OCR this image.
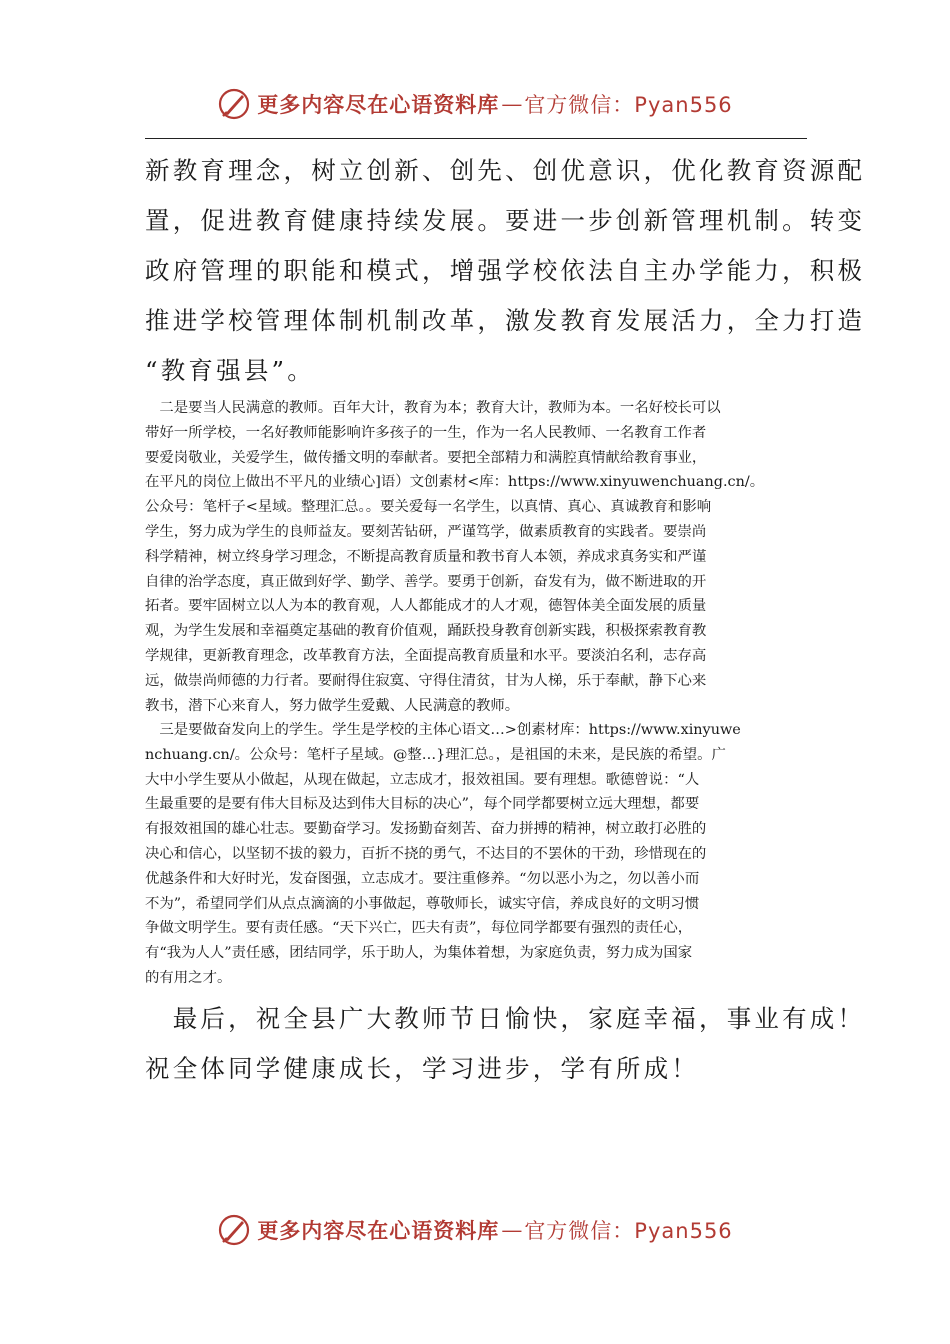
更多内容尽在心语资料库 — 官方微信：Pyan556
新教育理念，树立创新、创先、创优意识，优化教育资源配
置，促进教育健康持续发展。要进一步创新管理机制。转变
政府管理的职能和模式，增强学校依法自主办学能力，积极
推进学校管理体制机制改革，激发教育发展活力，全力打造
“教育强县”。
　二是要当人民满意的教师。百年大计，教育为本；教育大计，教师为本。一名好校长可以
带好一所学校，一名好教师能影响许多孩子的一生，作为一名人民教师、一名教育工作者
要爱岗敬业，关爱学生，做传播文明的奉献者。要把全部精力和满腔真情献给教育事业，
在平凡的岗位上做出不平凡的业绩心]语）文创素材<库：https://www.xinyuwenchuang.cn/。
公众号：笔杆子<星域。整理汇总。。要关爱每一名学生，以真情、真心、真诚教育和影响
学生，努力成为学生的良师益友。要刻苦钻研，严谨笃学，做素质教育的实践者。要崇尚
科学精神，树立终身学习理念，不断提高教育质量和教书育人本领，养成求真务实和严谨
自律的治学态度，真正做到好学、勤学、善学。要勇于创新，奋发有为，做不断进取的开
拓者。要牢固树立以人为本的教育观，人人都能成才的人才观，德智体美全面发展的质量
观，为学生发展和幸福奠定基础的教育价值观，踊跃投身教育创新实践，积极探索教育教
学规律，更新教育理念，改革教育方法，全面提高教育质量和水平。要淡泊名利，志存高
远，做崇尚师德的力行者。要耐得住寂寞、守得住清贫，甘为人梯，乐于奉献，静下心来
教书，潜下心来育人，努力做学生爱戴、人民满意的教师。
　三是要做奋发向上的学生。学生是学校的主体心语文…>创素材库：https://www.xinyuwe
nchuang.cn/。公众号：笔杆子星域。@整…}理汇总。，是祖国的未来，是民族的希望。广
大中小学生要从小做起，从现在做起，立志成才，报效祖国。要有理想。歌德曾说：“人
生最重要的是要有伟大目标及达到伟大目标的决心”，每个同学都要树立远大理想，都要
有报效祖国的雄心壮志。要勤奋学习。发扬勤奋刻苦、奋力拼搏的精神，树立敢打必胜的
决心和信心，以坚韧不拔的毅力，百折不挠的勇气，不达目的不罢休的干劲，珍惜现在的
优越条件和大好时光，发奋图强，立志成才。要注重修养。“勿以恶小为之，勿以善小而
不为”，希望同学们从点点滴滴的小事做起，尊敬师长，诚实守信，养成良好的文明习惯
争做文明学生。要有责任感。“天下兴亡，匹夫有责”，每位同学都要有强烈的责任心，
有“我为人人”责任感，团结同学，乐于助人，为集体着想，为家庭负责，努力成为国家
的有用之才。
　最后，祝全县广大教师节日愉快，家庭幸福，事业有成！
祝全体同学健康成长，学习进步，学有所成！
更多内容尽在心语资料库 — 官方微信：Pyan556
